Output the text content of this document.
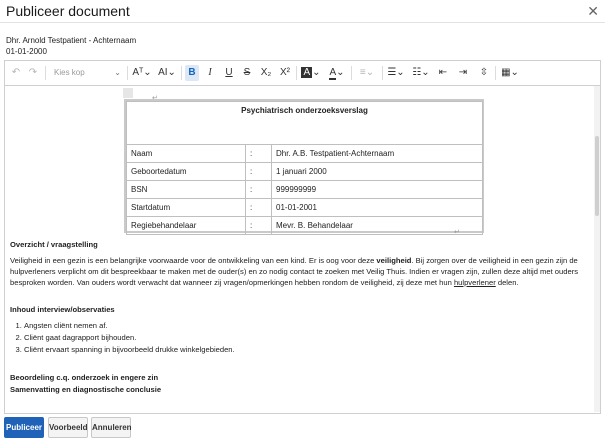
Publiceer document	✕
Dhr. Arnold Testpatient - Achternaam
01-01-2000
↶ ↷ Kies kop	⌄ Aᵀ⌄ AI⌄	B	I	U S X₂ X² A ⌄ A⌄	≡⌄	☰⌄ ☷⌄ ⇤ ⇥ ⇳ ▦⌄
↵
Psychiatrisch onderzoeksverslag		
Naam	:	Dhr. A.B. Testpatient-Achternaam
Geboortedatum	:	1 januari 2000
BSN	:	999999999
Startdatum	:	01-01-2001
Regiebehandelaar	:	Mevr. B. Behandelaar
↵
Overzicht / vraagstelling

Veiligheid in een gezin is een belangrijke voorwaarde voor de ontwikkeling van een kind. Er is oog voor deze veiligheid. Bij zorgen over de veiligheid in een gezin zijn de hulpverleners verplicht om dit bespreekbaar te maken met de ouder(s) en zo nodig contact te zoeken met Veilig Thuis. Indien er vragen zijn, zullen deze altijd met ouders besproken worden. Van ouders wordt verwacht dat wanneer zij vragen/opmerkingen hebben rondom de veiligheid, zij deze met hun hulpverlener delen.

Inhoud interview/observaties
1. Angsten cliënt nemen af.
2. Cliënt gaat dagrapport bijhouden.
3. Cliënt ervaart spanning in bijvoorbeeld drukke winkelgebieden.
Beoordeling c.q. onderzoek in engere zin
Samenvatting en diagnostische conclusie
Publiceer Voorbeeld Annuleren
